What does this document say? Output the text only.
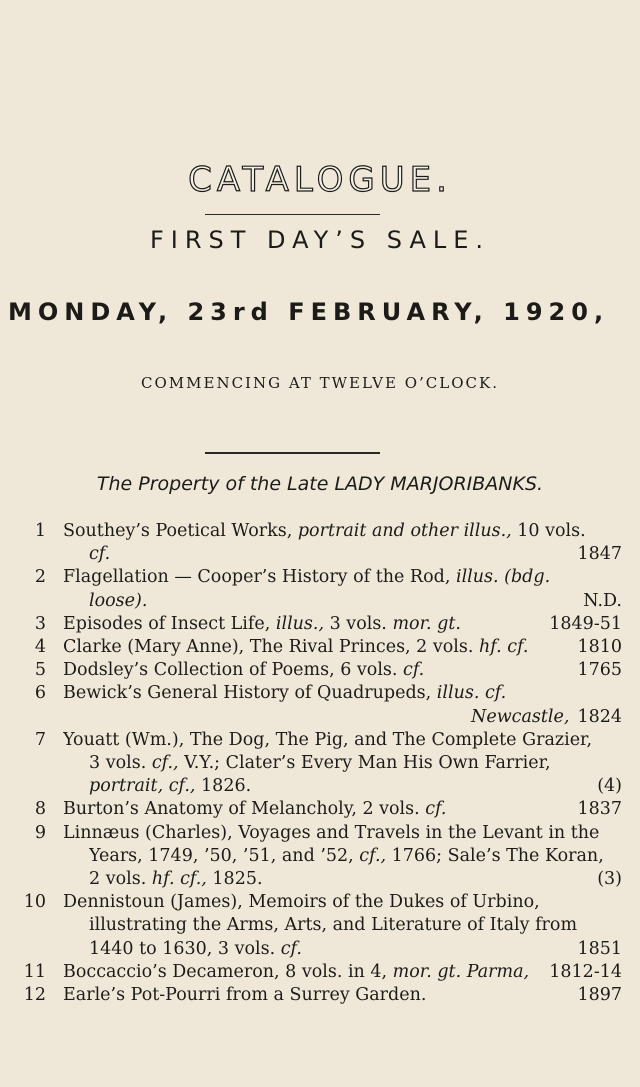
CATALOGUE.
FIRST DAY’S SALE.
MONDAY, 23rd FEBRUARY, 1920,
COMMENCING AT TWELVE O’CLOCK.
The Property of the Late LADY MARJORIBANKS.
1 Southey’s Poetical Works, portrait and other illus., 10 vols.
cf.	1847
2 Flagellation — Cooper’s History of the Rod, illus. (bdg.
loose).	N.D.
3 Episodes of Insect Life, illus., 3 vols. mor. gt.	1849-51
4 Clarke (Mary Anne), The Rival Princes, 2 vols. hf. cf.	1810
5 Dodsley’s Collection of Poems, 6 vols. cf.	1765
6 Bewick’s General History of Quadrupeds, illus. cf.
Newcastle, 1824
7 Youatt (Wm.), The Dog, The Pig, and The Complete Grazier,
3 vols. cf., V.Y.; Clater’s Every Man His Own Farrier,
portrait, cf., 1826.	(4)
8 Burton’s Anatomy of Melancholy, 2 vols. cf.	1837
9 Linnæus (Charles), Voyages and Travels in the Levant in the
Years, 1749, ’50, ’51, and ’52, cf., 1766; Sale’s The Koran,
2 vols. hf. cf., 1825.	(3)
10 Dennistoun (James), Memoirs of the Dukes of Urbino,
illustrating the Arms, Arts, and Literature of Italy from
1440 to 1630, 3 vols. cf.	1851
11 Boccaccio’s Decameron, 8 vols. in 4, mor. gt. Parma,	1812-14
12 Earle’s Pot-Pourri from a Surrey Garden.	1897
